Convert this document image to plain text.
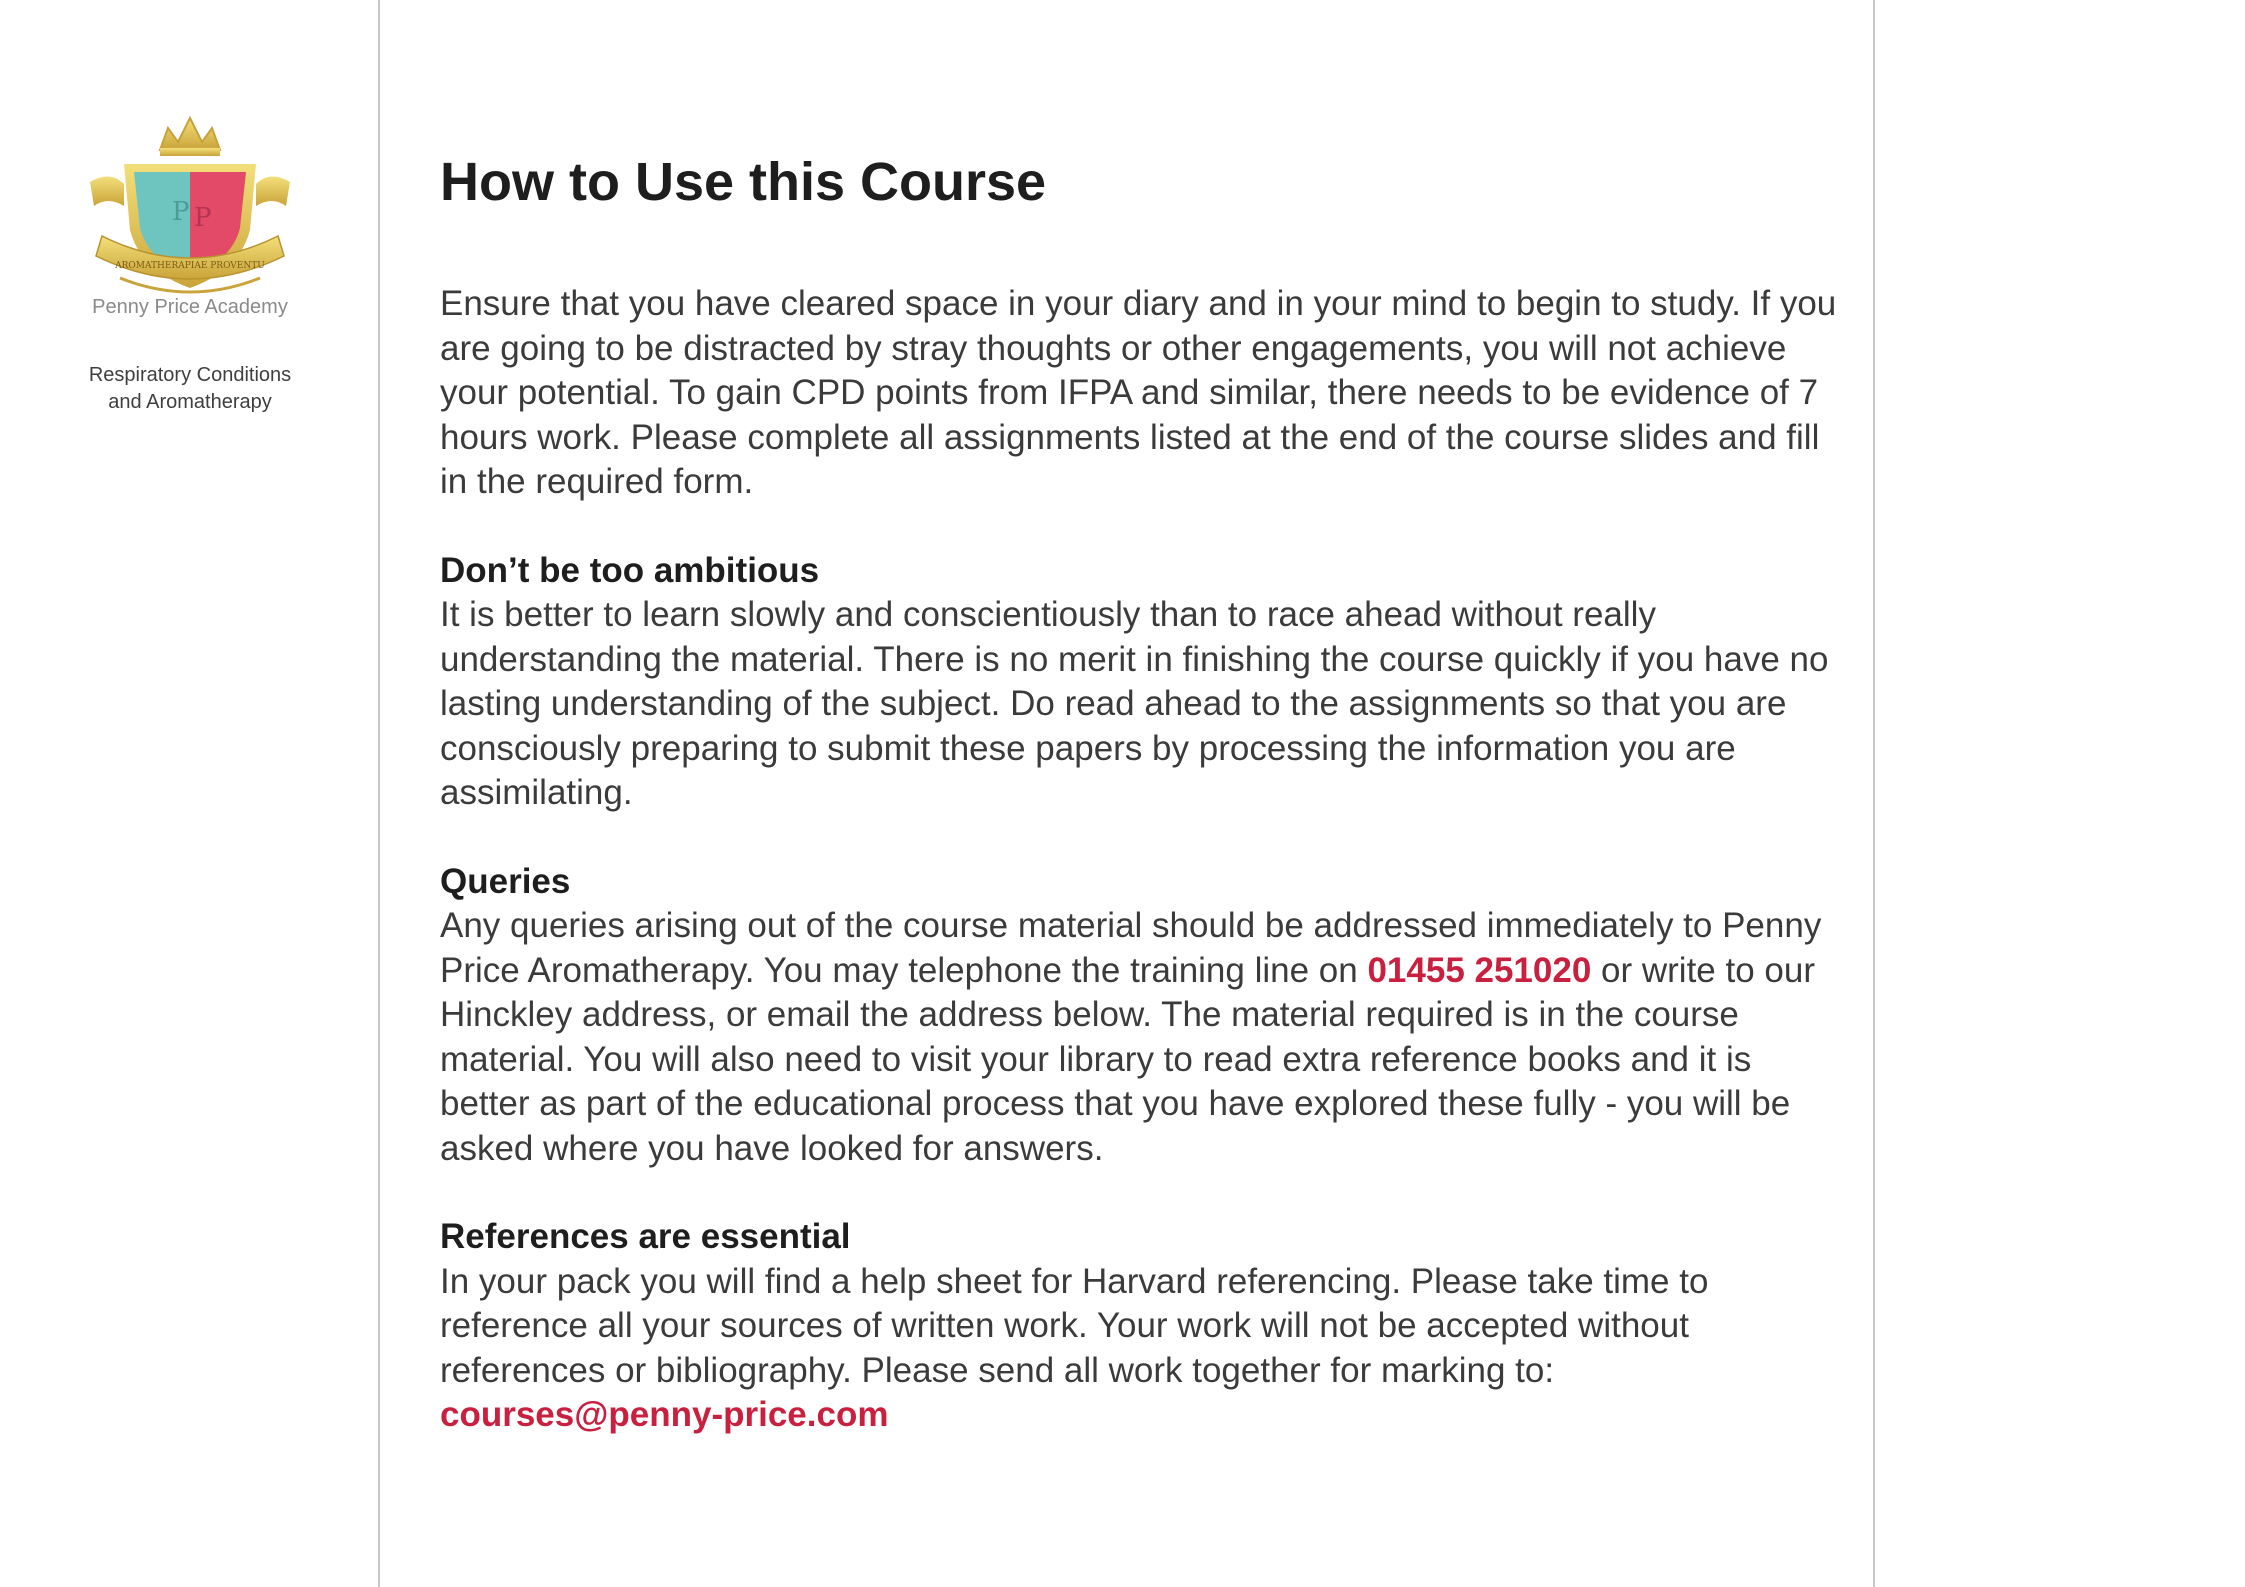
P P
AROMATHERAPIAE PROVENTU
Penny Price Academy
Respiratory Conditions
and Aromatherapy
How to Use this Course

Ensure that you have cleared space in your diary and in your mind to begin to study. If you are going to be distracted by stray thoughts or other engagements, you will not achieve your potential. To gain CPD points from IFPA and similar, there needs to be evidence of 7 hours work. Please complete all assignments listed at the end of the course slides and fill in the required form.

Don’t be too ambitious

It is better to learn slowly and conscientiously than to race ahead without really understanding the material. There is no merit in finishing the course quickly if you have no lasting understanding of the subject. Do read ahead to the assignments so that you are consciously preparing to submit these papers by processing the information you are assimilating.

Queries

Any queries arising out of the course material should be addressed immediately to Penny Price Aromatherapy. You may telephone the training line on 01455 251020 or write to our Hinckley address, or email the address below. The material required is in the course material. You will also need to visit your library to read extra reference books and it is better as part of the educational process that you have explored these fully - you will be asked where you have looked for answers.

References are essential

In your pack you will find a help sheet for Harvard referencing. Please take time to reference all your sources of written work. Your work will not be accepted without references or bibliography. Please send all work together for marking to:
courses@penny-price.com
